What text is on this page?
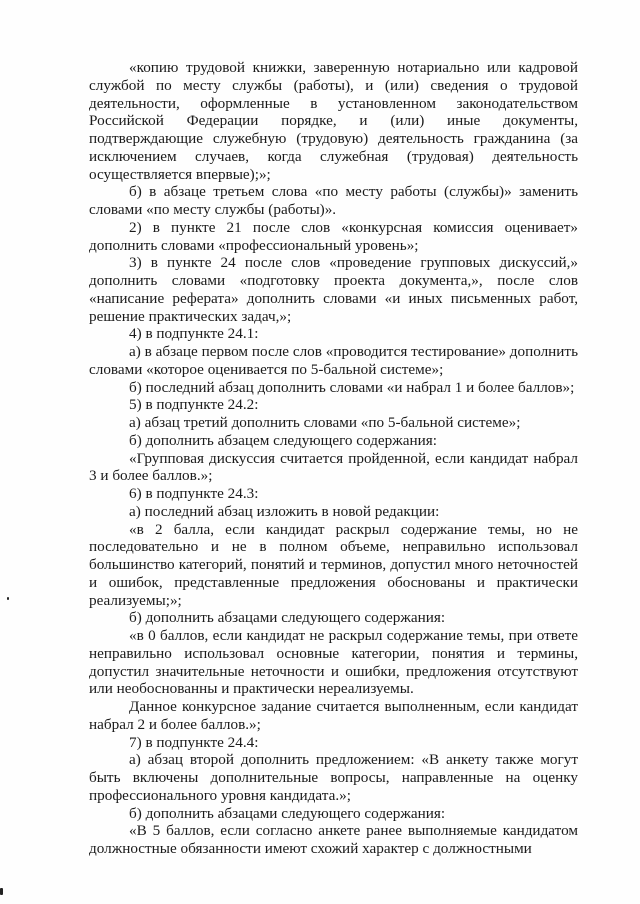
«копию трудовой книжки, заверенную нотариально или кадровой службой по месту службы (работы), и (или) сведения о трудовой деятельности, оформленные в установленном законодательством Российской Федерации порядке, и (или) иные документы, подтверждающие служебную (трудовую) деятельность гражданина (за исключением случаев, когда служебная (трудовая) деятельность осуществляется впервые);»;

б) в абзаце третьем слова «по месту работы (службы)» заменить словами «по месту службы (работы)».

2) в пункте 21 после слов «конкурсная комиссия оценивает» дополнить словами «профессиональный уровень»;

3) в пункте 24 после слов «проведение групповых дискуссий,» дополнить словами «подготовку проекта документа,», после слов «написание реферата» дополнить словами «и иных письменных работ, решение практических задач,»;

4) в подпункте 24.1:

а) в абзаце первом после слов «проводится тестирование» дополнить словами «которое оценивается по 5-бальной системе»;

б) последний абзац дополнить словами «и набрал 1 и более баллов»;

5) в подпункте 24.2:

а) абзац третий дополнить словами «по 5-бальной системе»;

б) дополнить абзацем следующего содержания:

«Групповая дискуссия считается пройденной, если кандидат набрал 3 и более баллов.»;

6) в подпункте 24.3:

а) последний абзац изложить в новой редакции:

«в 2 балла, если кандидат раскрыл содержание темы, но не последовательно и не в полном объеме, неправильно использовал большинство категорий, понятий и терминов, допустил много неточностей и ошибок, представленные предложения обоснованы и практически реализуемы;»;

б) дополнить абзацами следующего содержания:

«в 0 баллов, если кандидат не раскрыл содержание темы, при ответе неправильно использовал основные категории, понятия и термины, допустил значительные неточности и ошибки, предложения отсутствуют или необоснованны и практически нереализуемы.

Данное конкурсное задание считается выполненным, если кандидат набрал 2 и более баллов.»;

7) в подпункте 24.4:

а) абзац второй дополнить предложением: «В анкету также могут быть включены дополнительные вопросы, направленные на оценку профессионального уровня кандидата.»;

б) дополнить абзацами следующего содержания:

«В 5 баллов, если согласно анкете ранее выполняемые кандидатом должностные обязанности имеют схожий характер с должностными
